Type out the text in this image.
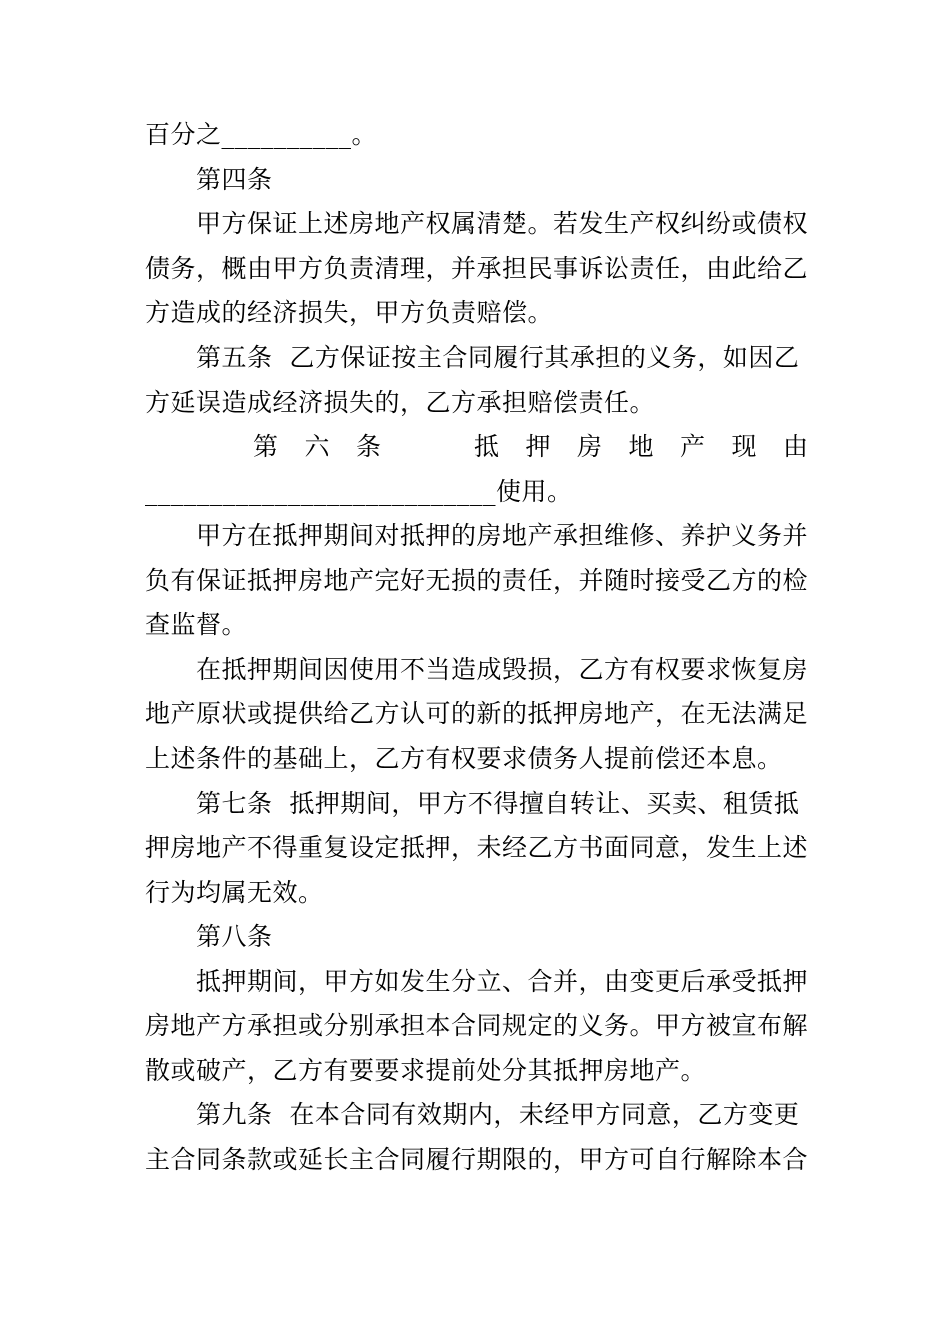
百分之__________。
第四条
甲方保证上述房地产权属清楚。若发生产权纠纷或债权
债务，概由甲方负责清理，并承担民事诉讼责任，由此给乙
方造成的经济损失，甲方负责赔偿。
第五条  乙方保证按主合同履行其承担的义务，如因乙
方延误造成经济损失的，乙方承担赔偿责任。
第 六 条	抵 押 房 地 产 现 由
___________________________使用。
甲方在抵押期间对抵押的房地产承担维修、养护义务并
负有保证抵押房地产完好无损的责任，并随时接受乙方的检
查监督。
在抵押期间因使用不当造成毁损，乙方有权要求恢复房
地产原状或提供给乙方认可的新的抵押房地产，在无法满足
上述条件的基础上，乙方有权要求债务人提前偿还本息。
第七条  抵押期间，甲方不得擅自转让、买卖、租赁抵
押房地产不得重复设定抵押，未经乙方书面同意，发生上述
行为均属无效。
第八条
抵押期间，甲方如发生分立、合并，由变更后承受抵押
房地产方承担或分别承担本合同规定的义务。甲方被宣布解
散或破产，乙方有要要求提前处分其抵押房地产。
第九条  在本合同有效期内，未经甲方同意，乙方变更
主合同条款或延长主合同履行期限的，甲方可自行解除本合
